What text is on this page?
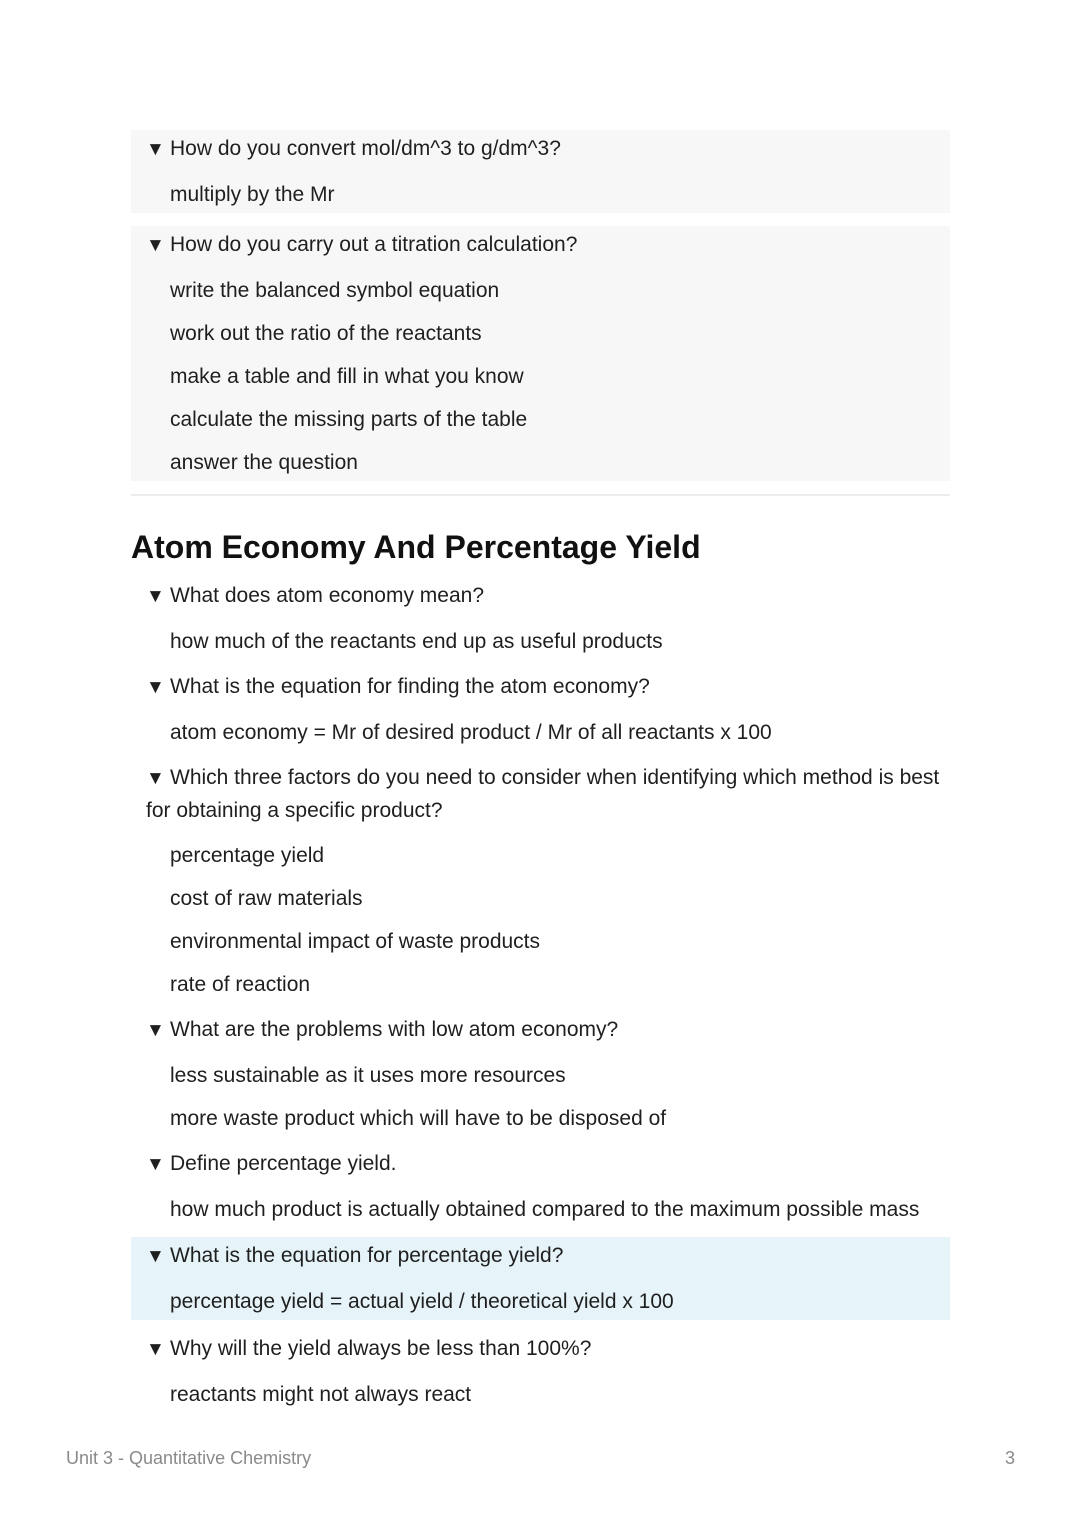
▼ How do you convert mol/dm^3 to g/dm^3?
multiply by the Mr
▼ How do you carry out a titration calculation?
write the balanced symbol equation
work out the ratio of the reactants
make a table and fill in what you know
calculate the missing parts of the table
answer the question
Atom Economy And Percentage Yield
▼ What does atom economy mean?
how much of the reactants end up as useful products
▼ What is the equation for finding the atom economy?
atom economy = Mr of desired product / Mr of all reactants x 100
▼ Which three factors do you need to consider when identifying which method is best for obtaining a specific product?
percentage yield
cost of raw materials
environmental impact of waste products
rate of reaction
▼ What are the problems with low atom economy?
less sustainable as it uses more resources
more waste product which will have to be disposed of
▼ Define percentage yield.
how much product is actually obtained compared to the maximum possible mass
▼ What is the equation for percentage yield?
percentage yield = actual yield / theoretical yield x 100
▼ Why will the yield always be less than 100%?
reactants might not always react
Unit 3 - Quantitative Chemistry	3
